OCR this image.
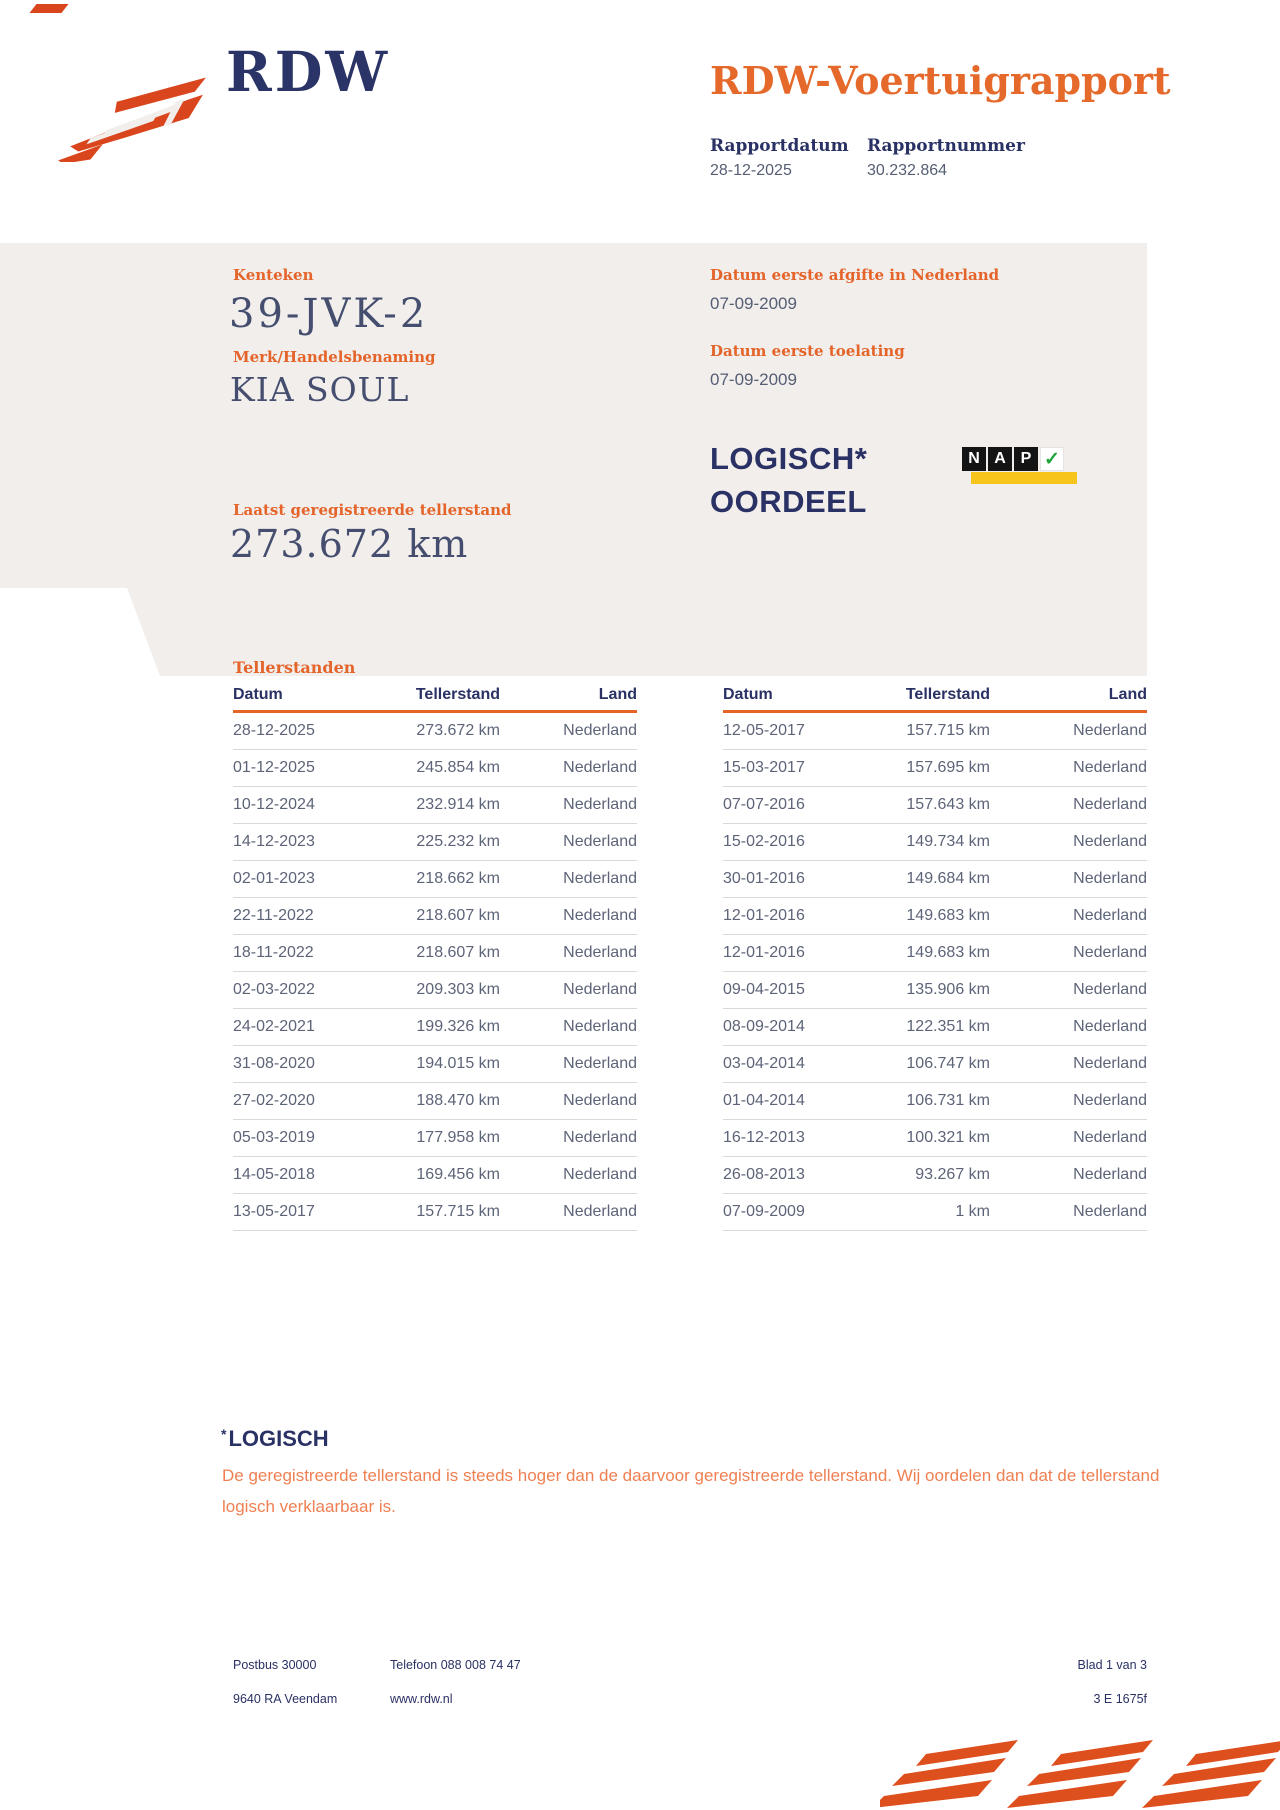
RDW	RDW-Voertuigrapport
Rapportdatum Rapportnummer
28-12-2025	30.232.864
Kenteken
39-JVK-2
Merk/Handelsbenaming
KIA SOUL
Datum eerste afgifte in Nederland
07-09-2009
Datum eerste toelating
07-09-2009
LOGISCH*
OORDEEL
N A P ✓
Laatst geregistreerde tellerstand
273.672 km
Tellerstanden
Datum	Tellerstand	Land
28-12-2025	273.672 km	Nederland
01-12-2025	245.854 km	Nederland
10-12-2024	232.914 km	Nederland
14-12-2023	225.232 km	Nederland
02-01-2023	218.662 km	Nederland
22-11-2022	218.607 km	Nederland
18-11-2022	218.607 km	Nederland
02-03-2022	209.303 km	Nederland
24-02-2021	199.326 km	Nederland
31-08-2020	194.015 km	Nederland
27-02-2020	188.470 km	Nederland
05-03-2019	177.958 km	Nederland
14-05-2018	169.456 km	Nederland
13-05-2017	157.715 km	Nederland
Datum	Tellerstand	Land
12-05-2017	157.715 km	Nederland
15-03-2017	157.695 km	Nederland
07-07-2016	157.643 km	Nederland
15-02-2016	149.734 km	Nederland
30-01-2016	149.684 km	Nederland
12-01-2016	149.683 km	Nederland
12-01-2016	149.683 km	Nederland
09-04-2015	135.906 km	Nederland
08-09-2014	122.351 km	Nederland
03-04-2014	106.747 km	Nederland
01-04-2014	106.731 km	Nederland
16-12-2013	100.321 km	Nederland
26-08-2013	93.267 km	Nederland
07-09-2009	1 km	Nederland
*LOGISCH
De geregistreerde tellerstand is steeds hoger dan de daarvoor geregistreerde tellerstand. Wij oordelen dan dat de tellerstand logisch verklaarbaar is.
Postbus 30000	Telefoon 088 008 74 47	Blad 1 van 3
9640 RA Veendam	www.rdw.nl	3 E 1675f
